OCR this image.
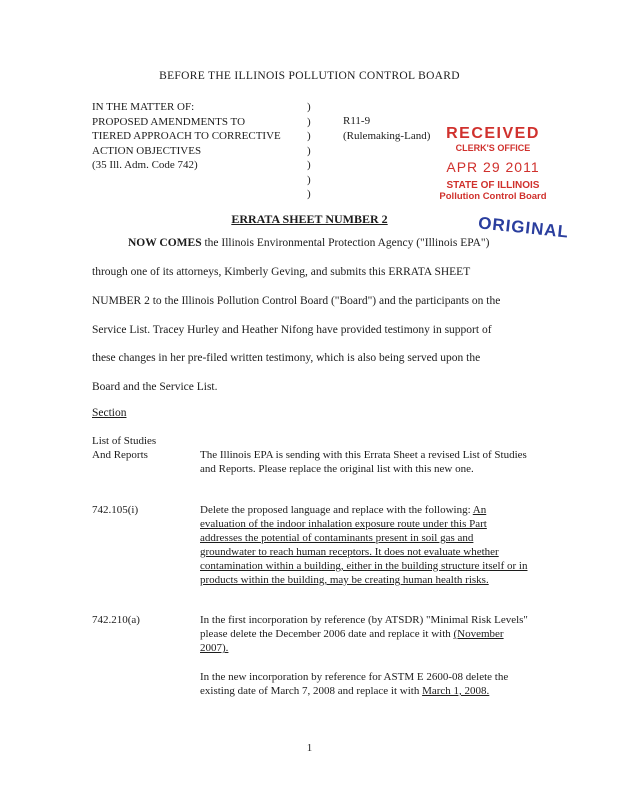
BEFORE THE ILLINOIS POLLUTION CONTROL BOARD
IN THE MATTER OF:
PROPOSED AMENDMENTS TO
TIERED APPROACH TO CORRECTIVE
ACTION OBJECTIVES
(35 Ill. Adm. Code 742)
)
)
)
)
)
)
)
R11-9
(Rulemaking-Land) RECEIVED
CLERK'S OFFICE
APR 29 2011
STATE OF ILLINOIS
Pollution Control Board
ORIGINAL
ERRATA SHEET NUMBER 2
NOW COMES the Illinois Environmental Protection Agency ("Illinois EPA")
through one of its attorneys, Kimberly Geving, and submits this ERRATA SHEET
NUMBER 2 to the Illinois Pollution Control Board ("Board") and the participants on the
Service List. Tracey Hurley and Heather Nifong have provided testimony in support of
these changes in her pre-filed written testimony, which is also being served upon the
Board and the Service List.
Section
List of Studies
And Reports	The Illinois EPA is sending with this Errata Sheet a revised List of Studies and Reports. Please replace the original list with this new one.
742.105(i)	Delete the proposed language and replace with the following: An evaluation of the indoor inhalation exposure route under this Part addresses the potential of contaminants present in soil gas and groundwater to reach human receptors. It does not evaluate whether contamination within a building, either in the building structure itself or in products within the building, may be creating human health risks.
742.210(a)	In the first incorporation by reference (by ATSDR) "Minimal Risk Levels" please delete the December 2006 date and replace it with (November 2007).
In the new incorporation by reference for ASTM E 2600-08 delete the existing date of March 7, 2008 and replace it with March 1, 2008.
1
